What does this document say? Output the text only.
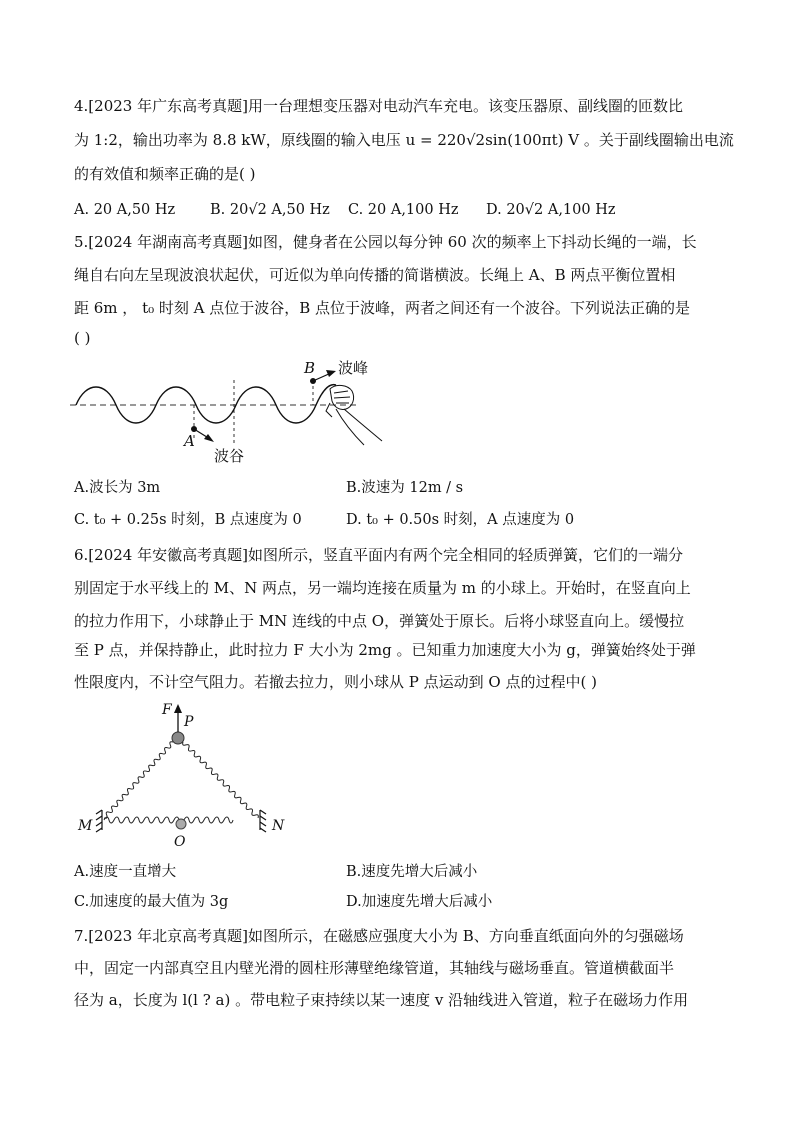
4.[2023 年广东高考真题]用一台理想变压器对电动汽车充电。该变压器原、副线圈的匝数比
为 1:2，输出功率为 8.8 kW，原线圈的输入电压 u = 220√2sin(100πt) V 。关于副线圈输出电流
的有效值和频率正确的是( )
A. 20 A,50 Hz B. 20√2 A,50 Hz C. 20 A,100 Hz D. 20√2 A,100 Hz
5.[2024 年湖南高考真题]如图，健身者在公园以每分钟 60 次的频率上下抖动长绳的一端，长
绳自右向左呈现波浪状起伏，可近似为单向传播的简谐横波。长绳上 A、B 两点平衡位置相
距 6m ， t₀ 时刻 A 点位于波谷，B 点位于波峰，两者之间还有一个波谷。下列说法正确的是
( )
A
B 波峰
波谷
A.波长为 3m	B.波速为 12m / s
C. t₀ + 0.25s 时刻，B 点速度为 0	D. t₀ + 0.50s 时刻，A 点速度为 0
6.[2024 年安徽高考真题]如图所示，竖直平面内有两个完全相同的轻质弹簧，它们的一端分
别固定于水平线上的 M、N 两点，另一端均连接在质量为 m 的小球上。开始时，在竖直向上
的拉力作用下，小球静止于 MN 连线的中点 O，弹簧处于原长。后将小球竖直向上。缓慢拉
至 P 点，并保持静止，此时拉力 F 大小为 2mg 。已知重力加速度大小为 g，弹簧始终处于弹
性限度内，不计空气阻力。若撤去拉力，则小球从 P 点运动到 O 点的过程中( )
F
P
M	N
O
A.速度一直增大	B.速度先增大后减小
C.加速度的最大值为 3g	D.加速度先增大后减小
7.[2023 年北京高考真题]如图所示，在磁感应强度大小为 B、方向垂直纸面向外的匀强磁场
中，固定一内部真空且内壁光滑的圆柱形薄壁绝缘管道，其轴线与磁场垂直。管道横截面半
径为 a，长度为 l(l ? a) 。带电粒子束持续以某一速度 v 沿轴线进入管道，粒子在磁场力作用
